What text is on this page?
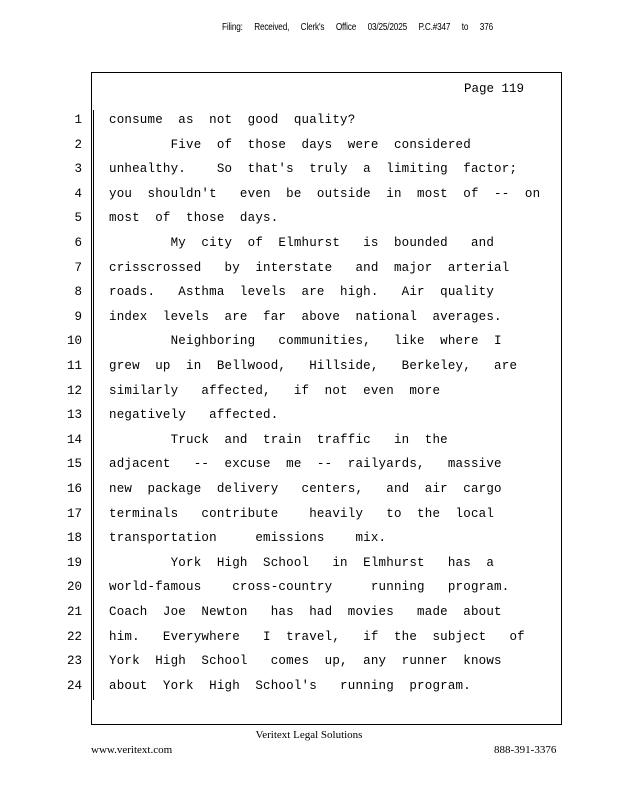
Filing: Received, Clerk's Office 03/25/2025 P.C.#347 to 376
Page 119
1 consume  as  not  good  quality?
2 Five  of  those  days  were  considered
3 unhealthy.    So  that's  truly  a  limiting  factor;
4 you  shouldn't   even  be  outside  in  most  of  --  on
5 most  of  those  days.
6 My  city  of  Elmhurst   is  bounded   and
7 crisscrossed   by  interstate   and  major  arterial
8 roads.   Asthma  levels  are  high.   Air  quality
9 index  levels  are  far  above  national  averages.
10 Neighboring   communities,   like  where  I
11 grew  up  in  Bellwood,   Hillside,   Berkeley,   are
12 similarly   affected,   if  not  even  more
13 negatively   affected.
14 Truck  and  train  traffic   in  the
15 adjacent   --  excuse  me  --  railyards,   massive
16 new  package  delivery   centers,   and  air  cargo
17 terminals   contribute    heavily   to  the  local
18 transportation     emissions    mix.
19 York  High  School   in  Elmhurst   has  a
20 world-famous    cross-country     running   program.
21 Coach  Joe  Newton   has  had  movies   made  about
22 him.   Everywhere   I  travel,   if  the  subject   of
23 York  High  School   comes  up,  any  runner  knows
24 about  York  High  School's   running  program.
Veritext Legal Solutions
www.veritext.com	888-391-3376
